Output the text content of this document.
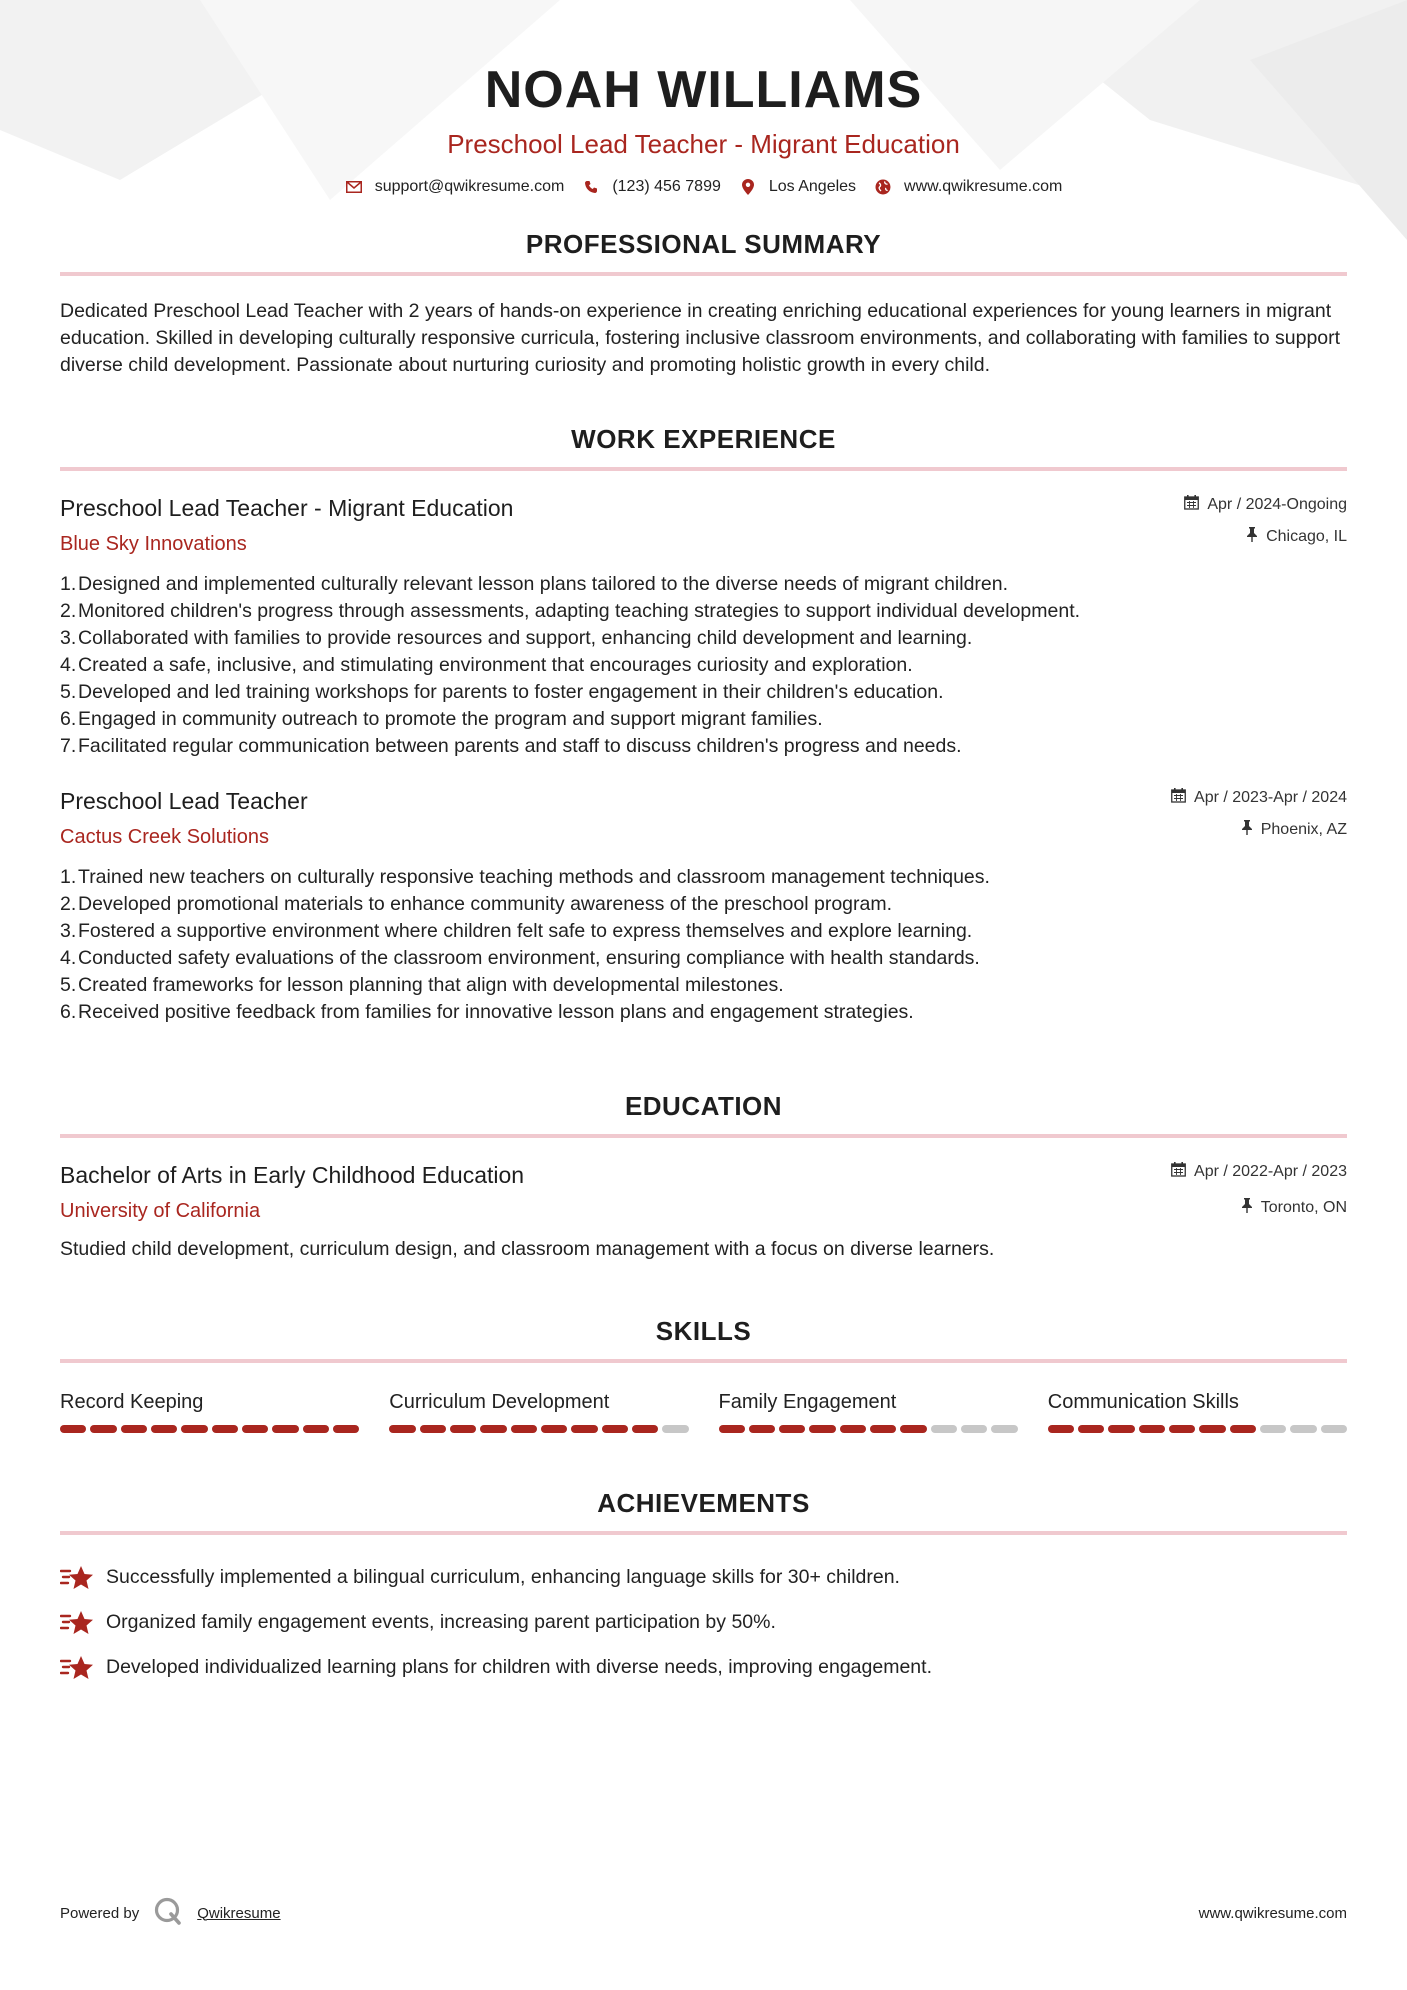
NOAH WILLIAMS
Preschool Lead Teacher - Migrant Education
support@qwikresume.com	(123) 456 7899	Los Angeles	www.qwikresume.com
PROFESSIONAL SUMMARY
Dedicated Preschool Lead Teacher with 2 years of hands-on experience in creating enriching educational experiences for young learners in migrant education. Skilled in developing culturally responsive curricula, fostering inclusive classroom environments, and collaborating with families to support diverse child development. Passionate about nurturing curiosity and promoting holistic growth in every child.
WORK EXPERIENCE
Preschool Lead Teacher - Migrant Education
Blue Sky Innovations
Apr / 2024-Ongoing
Chicago, IL
1. Designed and implemented culturally relevant lesson plans tailored to the diverse needs of migrant children.
2. Monitored children's progress through assessments, adapting teaching strategies to support individual development.
3. Collaborated with families to provide resources and support, enhancing child development and learning.
4. Created a safe, inclusive, and stimulating environment that encourages curiosity and exploration.
5. Developed and led training workshops for parents to foster engagement in their children's education.
6. Engaged in community outreach to promote the program and support migrant families.
7. Facilitated regular communication between parents and staff to discuss children's progress and needs.
Preschool Lead Teacher
Cactus Creek Solutions
Apr / 2023-Apr / 2024
Phoenix, AZ
1. Trained new teachers on culturally responsive teaching methods and classroom management techniques.
2. Developed promotional materials to enhance community awareness of the preschool program.
3. Fostered a supportive environment where children felt safe to express themselves and explore learning.
4. Conducted safety evaluations of the classroom environment, ensuring compliance with health standards.
5. Created frameworks for lesson planning that align with developmental milestones.
6. Received positive feedback from families for innovative lesson plans and engagement strategies.
EDUCATION
Bachelor of Arts in Early Childhood Education
University of California
Apr / 2022-Apr / 2023
Toronto, ON
Studied child development, curriculum design, and classroom management with a focus on diverse learners.
SKILLS
Record Keeping	Curriculum Development	Family Engagement	Communication Skills
ACHIEVEMENTS
Successfully implemented a bilingual curriculum, enhancing language skills for 30+ children.
Organized family engagement events, increasing parent participation by 50%.
Developed individualized learning plans for children with diverse needs, improving engagement.
Powered by	Qwikresume	www.qwikresume.com
